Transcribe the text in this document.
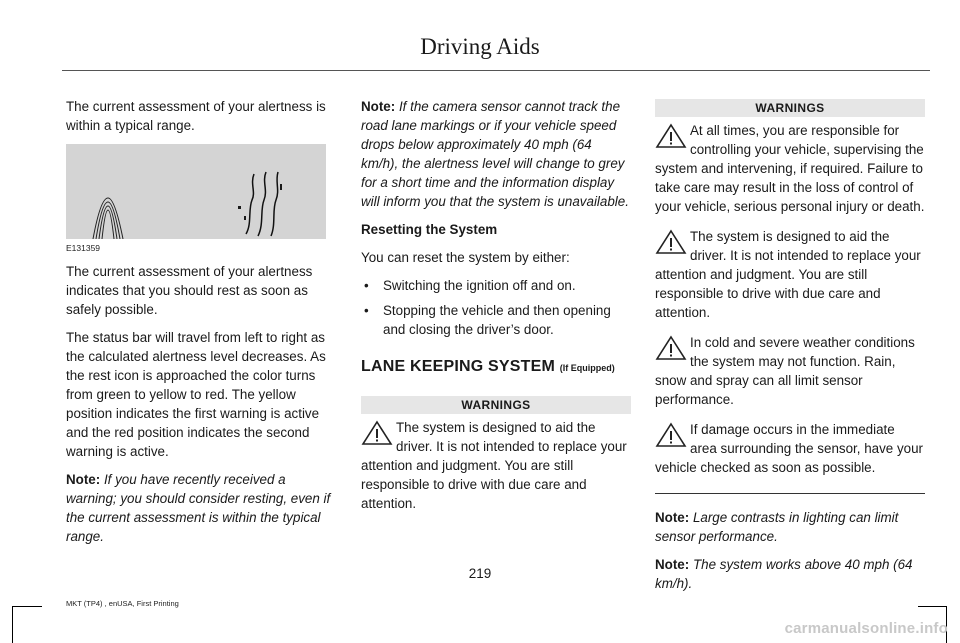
Driving Aids

The current assessment of your alertness is within a typical range.

E131359

The current assessment of your alertness indicates that you should rest as soon as safely possible.

The status bar will travel from left to right as the calculated alertness level decreases. As the rest icon is approached the color turns from green to yellow to red. The yellow position indicates the first warning is active and the red position indicates the second warning is active.

Note: If you have recently received a warning; you should consider resting, even if the current assessment is within the typical range.

Note: If the camera sensor cannot track the road lane markings or if your vehicle speed drops below approximately 40 mph (64 km/h), the alertness level will change to grey for a short time and the information display will inform you that the system is unavailable.

Resetting the System

You can reset the system by either:

• Switching the ignition off and on.
• Stopping the vehicle and then opening and closing the driver’s door.
LANE KEEPING SYSTEM (If Equipped)
WARNINGS

The system is designed to aid the driver. It is not intended to replace your attention and judgment. You are still responsible to drive with due care and attention.

WARNINGS

At all times, you are responsible for controlling your vehicle, supervising the system and intervening, if required. Failure to take care may result in the loss of control of your vehicle, serious personal injury or death.

The system is designed to aid the driver. It is not intended to replace your attention and judgment. You are still responsible to drive with due care and attention.

In cold and severe weather conditions the system may not function. Rain, snow and spray can all limit sensor performance.

If damage occurs in the immediate area surrounding the sensor, have your vehicle checked as soon as possible.

Note: Large contrasts in lighting can limit sensor performance.

Note: The system works above 40 mph (64 km/h).

219
MKT (TP4) , enUSA, First Printing
carmanualsonline.info
